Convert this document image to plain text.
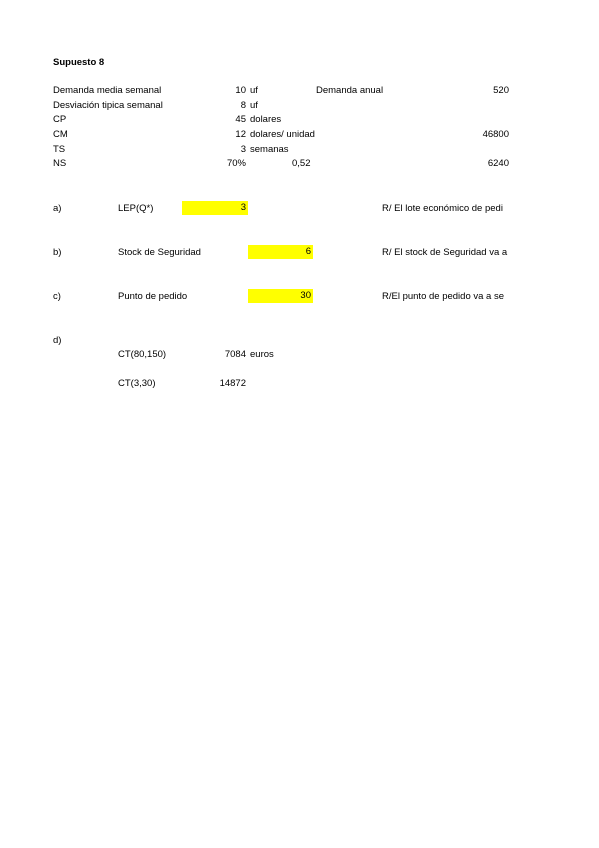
Supuesto 8
Demanda media semanal	10 uf	Demanda anual	520
Desviación tipica semanal	8 uf
CP	45 dolares
CM	12 dolares/ unidad	46800
TS	3 semanas
NS	70%	0,52	6240
a)	LEP(Q*)	3	R/ El lote económico de pedi
b)	Stock de Seguridad	6	R/ El stock de Seguridad va a
c)	Punto de pedido	30	R/El punto de pedido va a se
d)
CT(80,150)	7084 euros
CT(3,30)	14872
